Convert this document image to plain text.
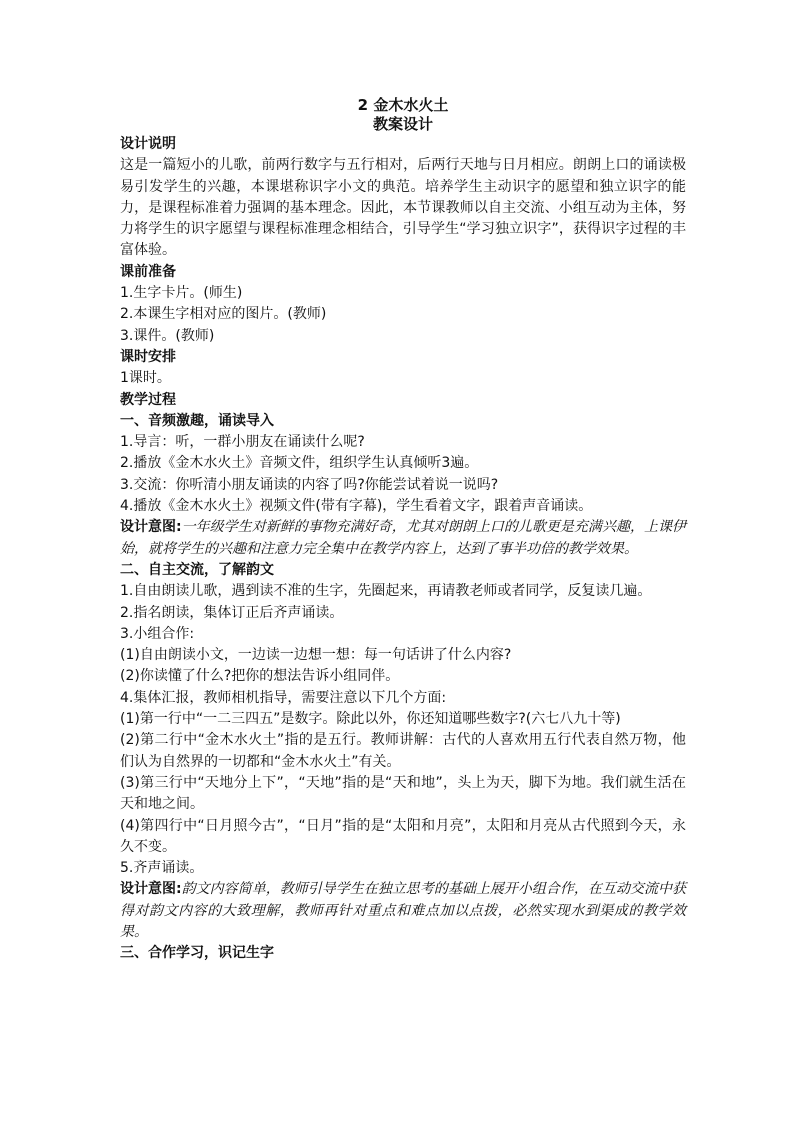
2 金木水火土
教案设计
设计说明
这是一篇短小的儿歌，前两行数字与五行相对，后两行天地与日月相应。朗朗上口的诵读极易引发学生的兴趣，本课堪称识字小文的典范。培养学生主动识字的愿望和独立识字的能力，是课程标准着力强调的基本理念。因此，本节课教师以自主交流、小组互动为主体，努力将学生的识字愿望与课程标准理念相结合，引导学生“学习独立识字”，获得识字过程的丰富体验。
课前准备
1.生字卡片。(师生)
2.本课生字相对应的图片。(教师)
3.课件。(教师)
课时安排
1课时。
教学过程
一、音频激趣，诵读导入
1.导言：听，一群小朋友在诵读什么呢?
2.播放《金木水火土》音频文件，组织学生认真倾听3遍。
3.交流：你听清小朋友诵读的内容了吗?你能尝试着说一说吗?
4.播放《金木水火土》视频文件(带有字幕)，学生看着文字，跟着声音诵读。
设计意图:一年级学生对新鲜的事物充满好奇，尤其对朗朗上口的儿歌更是充满兴趣，上课伊始，就将学生的兴趣和注意力完全集中在教学内容上，达到了事半功倍的教学效果。
二、自主交流，了解韵文
1.自由朗读儿歌，遇到读不准的生字，先圈起来，再请教老师或者同学，反复读几遍。
2.指名朗读，集体订正后齐声诵读。
3.小组合作:
(1)自由朗读小文，一边读一边想一想：每一句话讲了什么内容?
(2)你读懂了什么?把你的想法告诉小组同伴。
4.集体汇报，教师相机指导，需要注意以下几个方面:
(1)第一行中“一二三四五”是数字。除此以外，你还知道哪些数字?(六七八九十等)
(2)第二行中“金木水火土”指的是五行。教师讲解：古代的人喜欢用五行代表自然万物，他们认为自然界的一切都和“金木水火土”有关。
(3)第三行中“天地分上下”，“天地”指的是“天和地”，头上为天，脚下为地。我们就生活在天和地之间。
(4)第四行中“日月照今古”，“日月”指的是“太阳和月亮”，太阳和月亮从古代照到今天，永久不变。
5.齐声诵读。
设计意图:韵文内容简单，教师引导学生在独立思考的基础上展开小组合作，在互动交流中获得对韵文内容的大致理解，教师再针对重点和难点加以点拨，必然实现水到渠成的教学效果。
三、合作学习，识记生字
